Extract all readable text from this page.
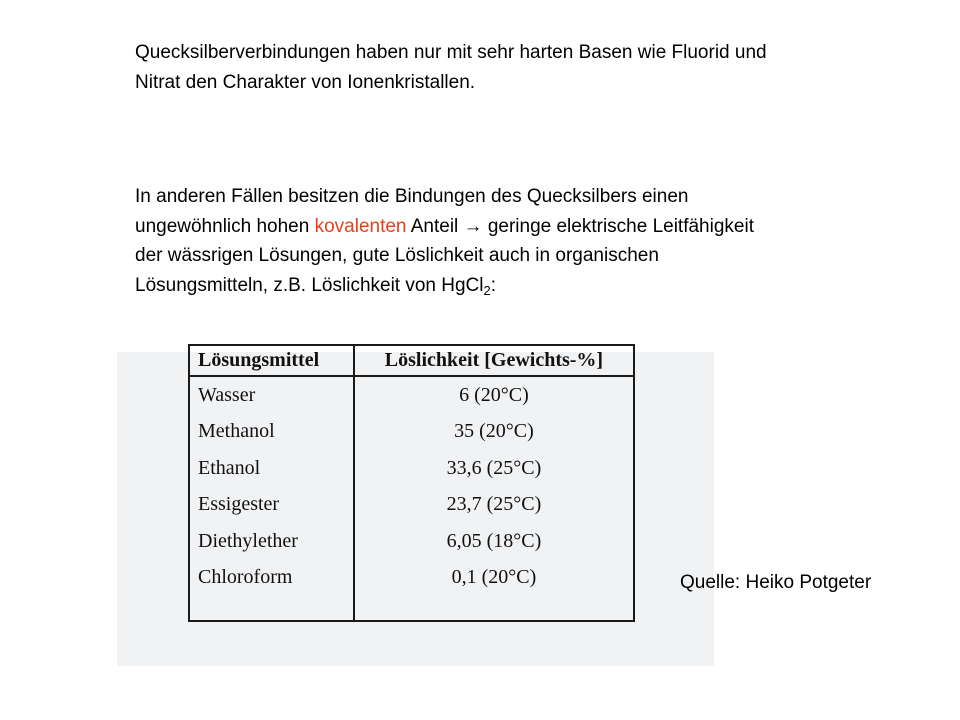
Quecksilberverbindungen haben nur mit sehr harten Basen wie Fluorid und Nitrat den Charakter von Ionenkristallen.

In anderen Fällen besitzen die Bindungen des Quecksilbers einen ungewöhnlich hohen kovalenten Anteil → geringe elektrische Leitfähigkeit der wässrigen Lösungen, gute Löslichkeit auch in organischen Lösungsmitteln, z.B. Löslichkeit von HgCl$_2$:

Lösungsmittel	Löslichkeit [Gewichts-%]
Wasser	6 (20°C)
Methanol	35 (20°C)
Ethanol	33,6 (25°C)
Essigester	23,7 (25°C)
Diethylether	6,05 (18°C)
Chloroform	0,1 (20°C)	Quelle: Heiko Potgeter
